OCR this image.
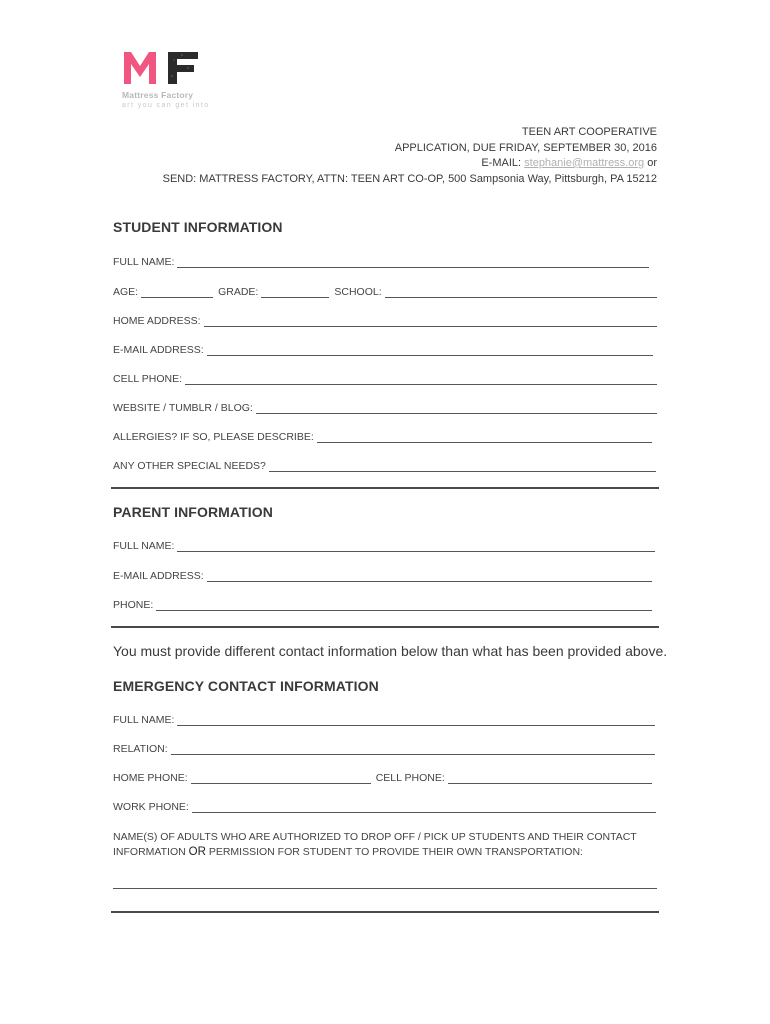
Mattress Factory
art you can get into
TEEN ART COOPERATIVE
APPLICATION, DUE FRIDAY, SEPTEMBER 30, 2016
E-MAIL: stephanie@mattress.org or
SEND: MATTRESS FACTORY, ATTN: TEEN ART CO-OP, 500 Sampsonia Way, Pittsburgh, PA 15212
STUDENT INFORMATION
FULL NAME:
AGE:	GRADE:	SCHOOL:
HOME ADDRESS:
E-MAIL ADDRESS:
CELL PHONE:
WEBSITE / TUMBLR / BLOG:
ALLERGIES? IF SO, PLEASE DESCRIBE:
ANY OTHER SPECIAL NEEDS?
PARENT INFORMATION
FULL NAME:
E-MAIL ADDRESS:
PHONE:
You must provide different contact information below than what has been provided above.
EMERGENCY CONTACT INFORMATION
FULL NAME:
RELATION:
HOME PHONE:	CELL PHONE:
WORK PHONE:
NAME(S) OF ADULTS WHO ARE AUTHORIZED TO DROP OFF / PICK UP STUDENTS AND THEIR CONTACT INFORMATION OR PERMISSION FOR STUDENT TO PROVIDE THEIR OWN TRANSPORTATION:
